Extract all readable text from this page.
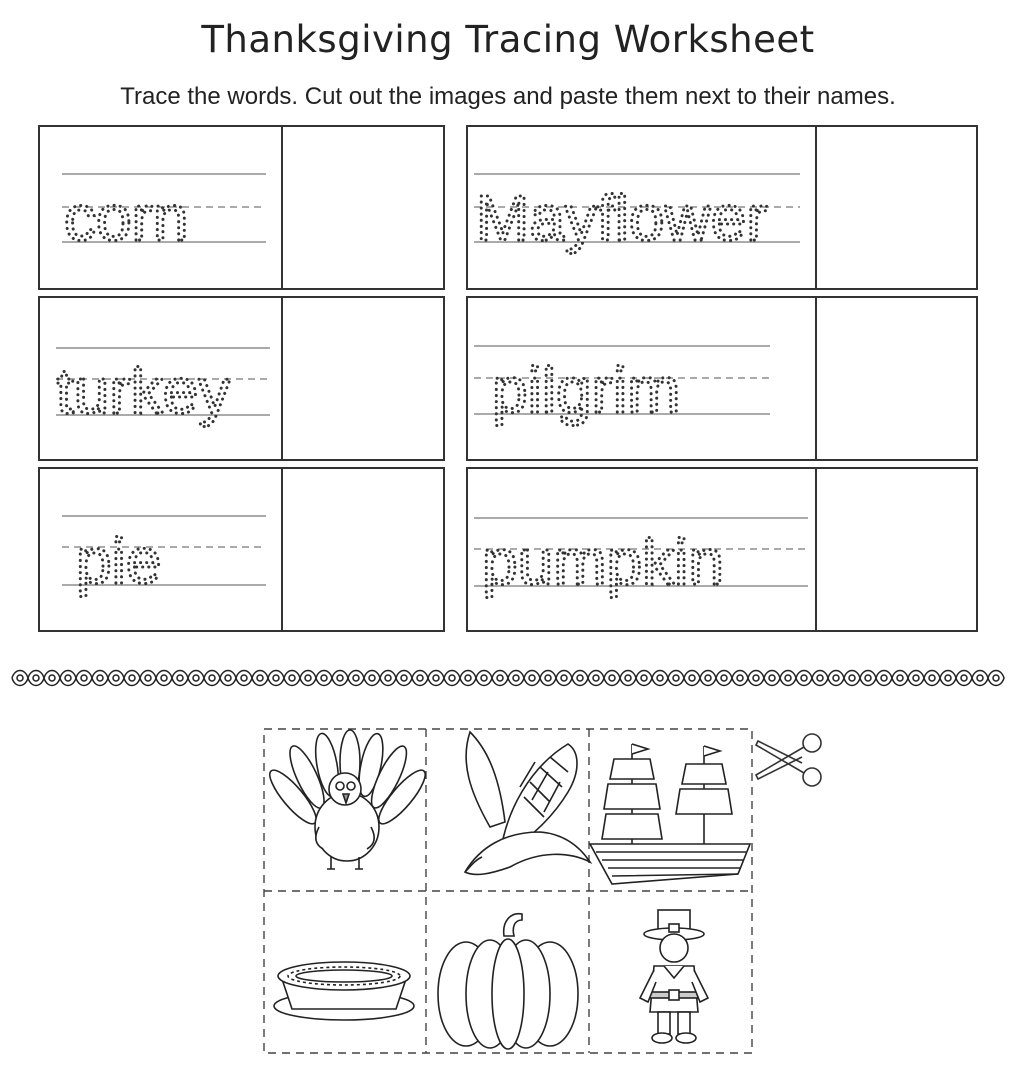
Thanksgiving Tracing Worksheet
Trace the words. Cut out the images and paste them next to their names.
corn	Mayflower
turkey	pilgrim
pie	pumpkin
